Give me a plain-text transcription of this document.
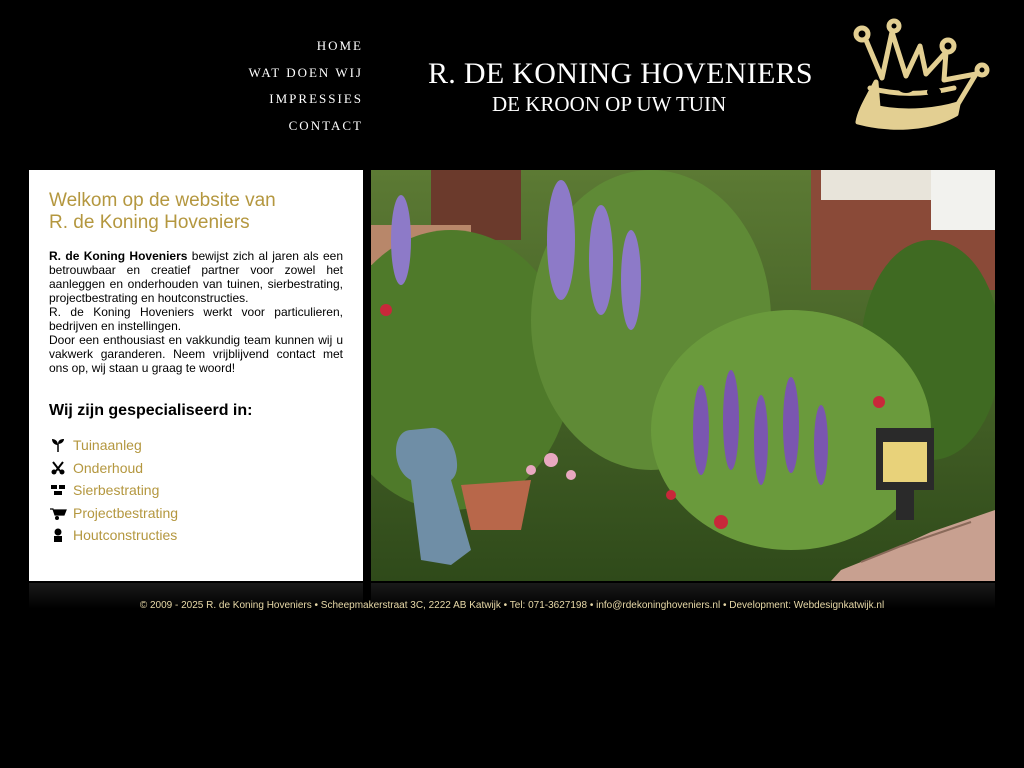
HOME
WAT DOEN WIJ
IMPRESSIES
CONTACT
R. DE KONING HOVENIERS
DE KROON OP UW TUIN
Welkom op de website van
R. de Koning Hoveniers

R. de Koning Hoveniers bewijst zich al jaren als een betrouwbaar en creatief partner voor zowel het aanleggen en onderhouden van tuinen, sierbestrating, projectbestrating en houtconstructies.

R. de Koning Hoveniers werkt voor particulieren, bedrijven en instellingen.

Door een enthousiast en vakkundig team kunnen wij u vakwerk garanderen. Neem vrijblijvend contact met ons op, wij staan u graag te woord!

Wij zijn gespecialiseerd in:
Tuinaanleg
Onderhoud
Sierbestrating
Projectbestrating
Houtconstructies
© 2009 - 2025 R. de Koning Hoveniers • Scheepmakerstraat 3C, 2222 AB Katwijk • Tel: 071-3627198 • info@rdekoninghoveniers.nl • Development: Webdesignkatwijk.nl
